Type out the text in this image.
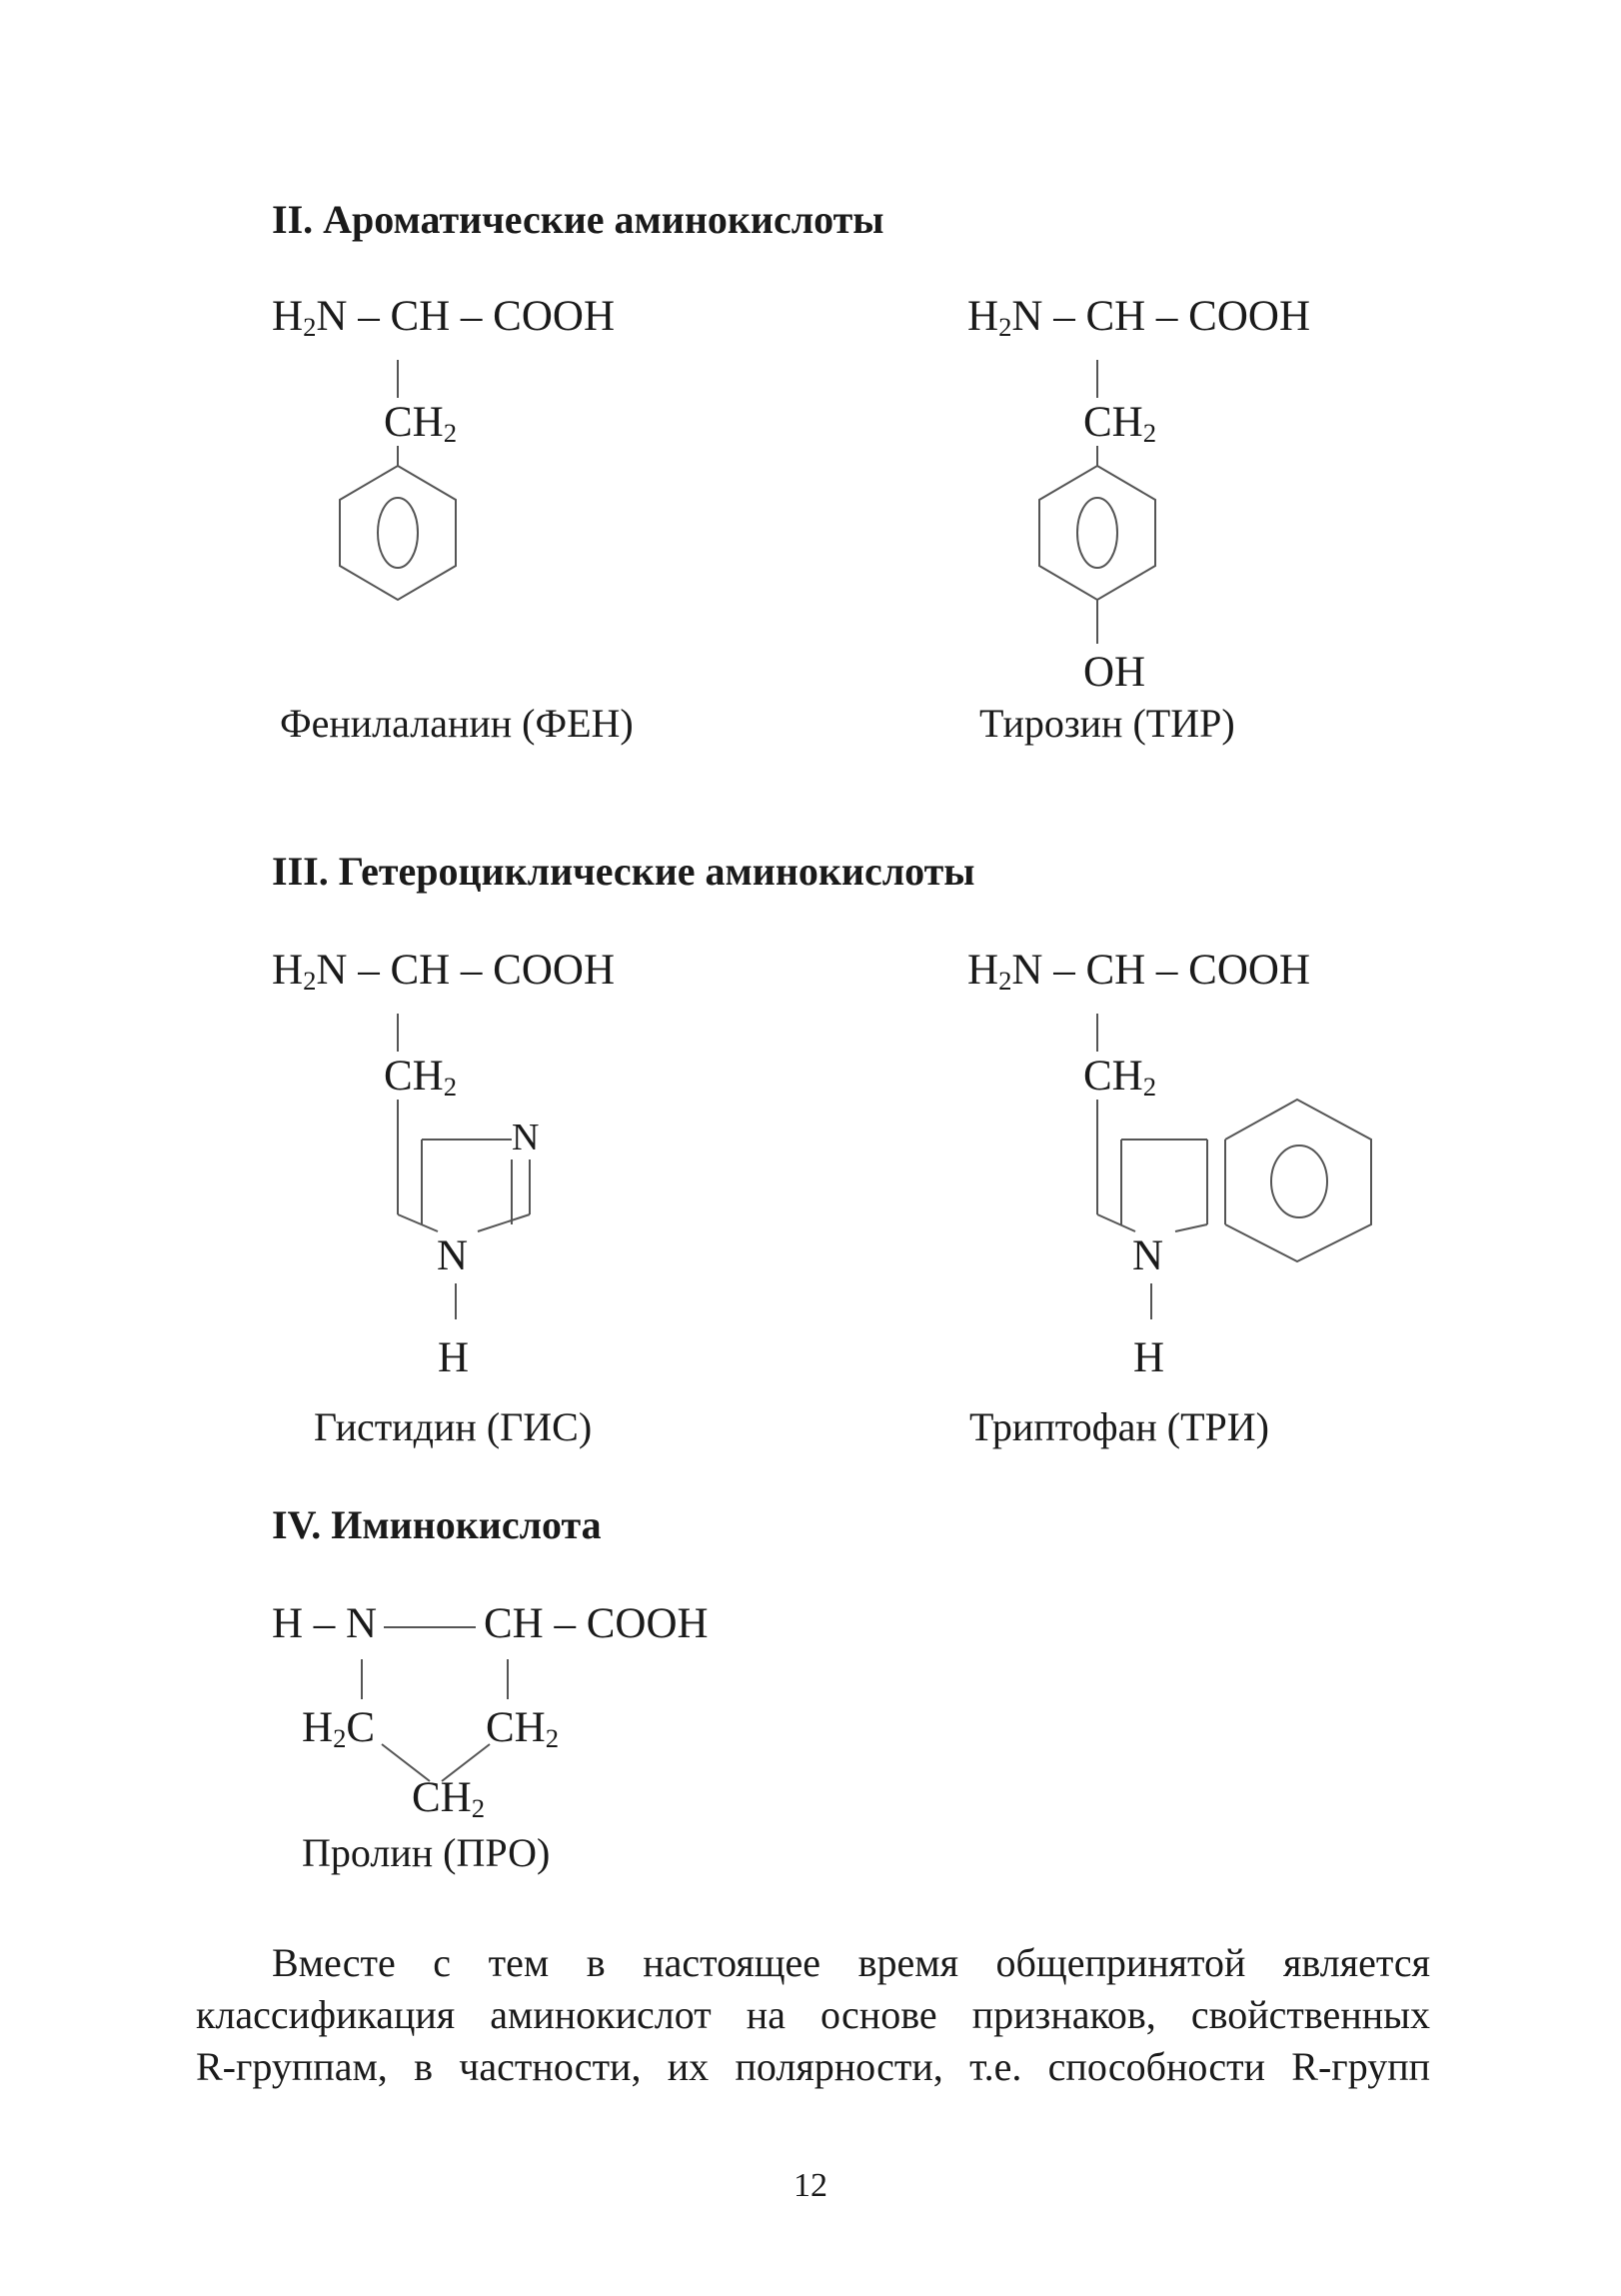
II. Ароматические аминокислоты
$H_2N$ – CH – COOH
$CH_2$
Фенилаланин (ФЕН)
$H_2N$ – CH – COOH
$CH_2$
OH
Тирозин (ТИР)
III. Гетероциклические аминокислоты
$H_2N$ – CH – COOH
$CH_2$
N
N
H
Гистидин (ГИС)
$H_2N$ – CH – COOH
$CH_2$
N
H
Триптофан (ТРИ)
IV. Иминокислота
H – N CH – COOH
$H_2C$	$CH_2$
$CH_2$
Пролин (ПРО)
Вместе с тем в настоящее время общепринятой является
классификация аминокислот на основе признаков, свойственных
R-группам, в частности, их полярности, т.е. способности R-групп
12
